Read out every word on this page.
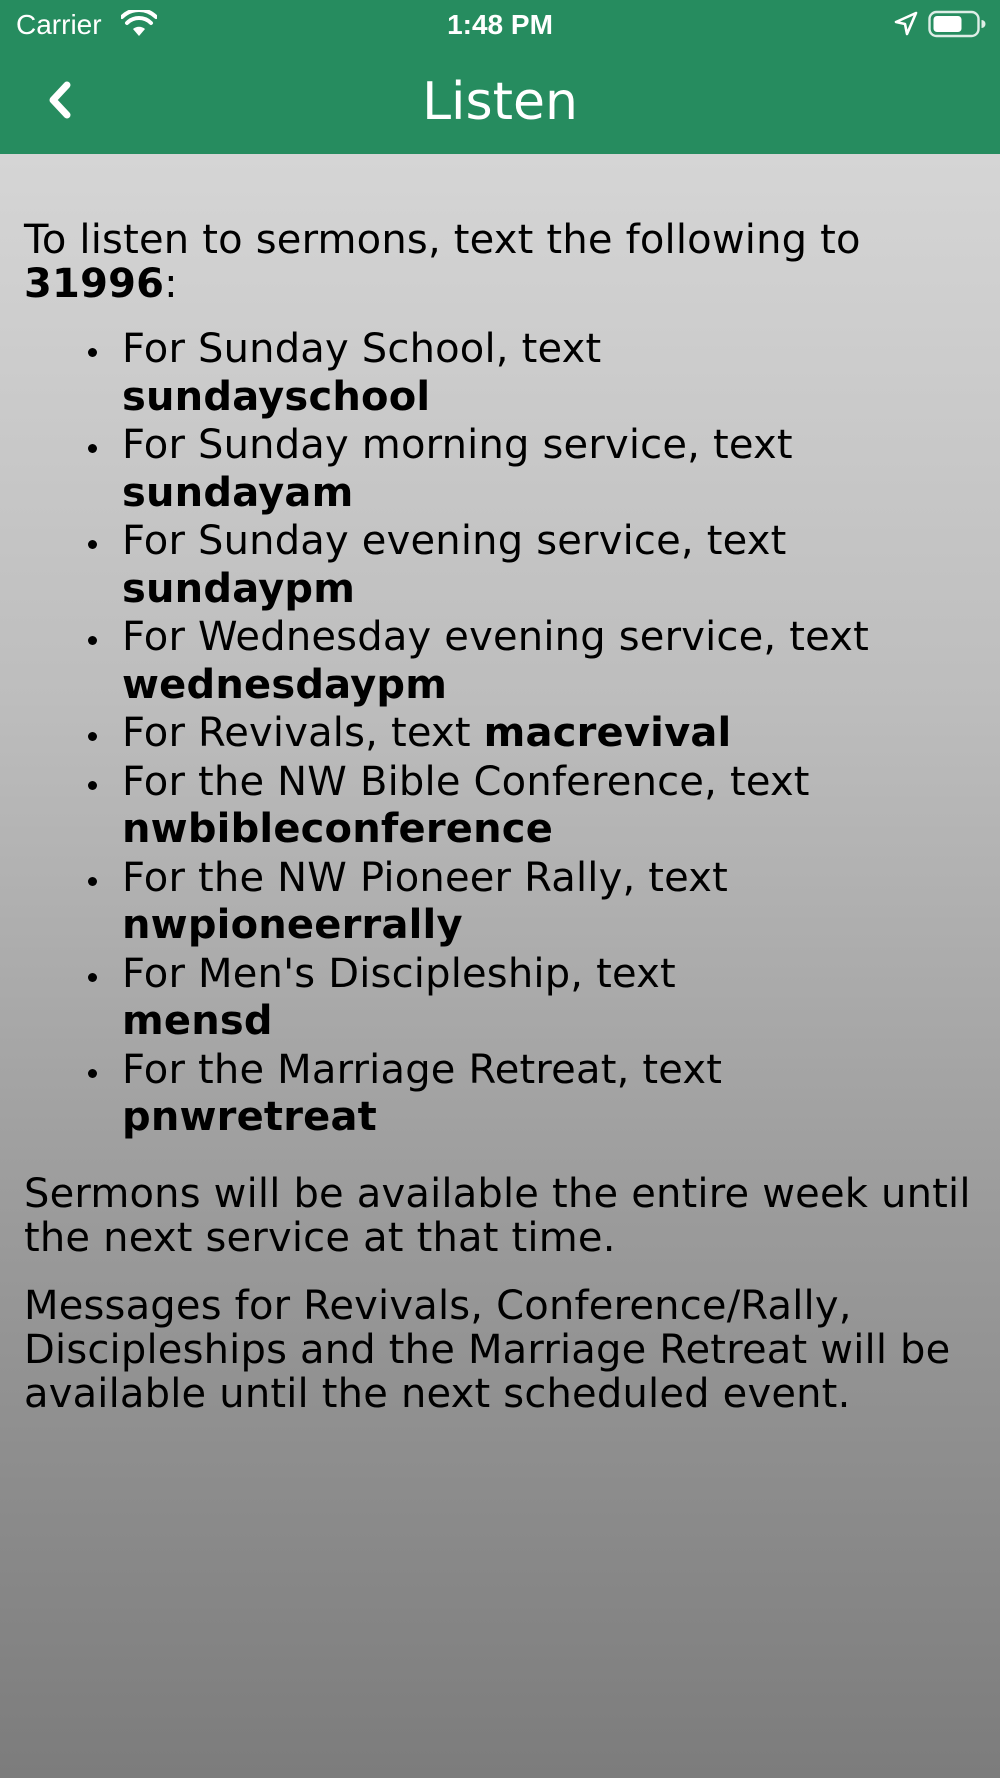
Carrier	1:48 PM
Listen

To listen to sermons, text the following to 31996:

For Sunday School, text
sundayschool
For Sunday morning service, text
sundayam
For Sunday evening service, text
sundaypm
For Wednesday evening service, text wednesdaypm
For Revivals, text macrevival
For the NW Bible Conference, text
nwbibleconference
For the NW Pioneer Rally, text
nwpioneerrally
For Men's Discipleship, text
mensd
For the Marriage Retreat, text
pnwretreat

Sermons will be available the entire week until the next service at that time.

Messages for Revivals, Conference/Rally, Discipleships and the Marriage Retreat will be available until the next scheduled event.
